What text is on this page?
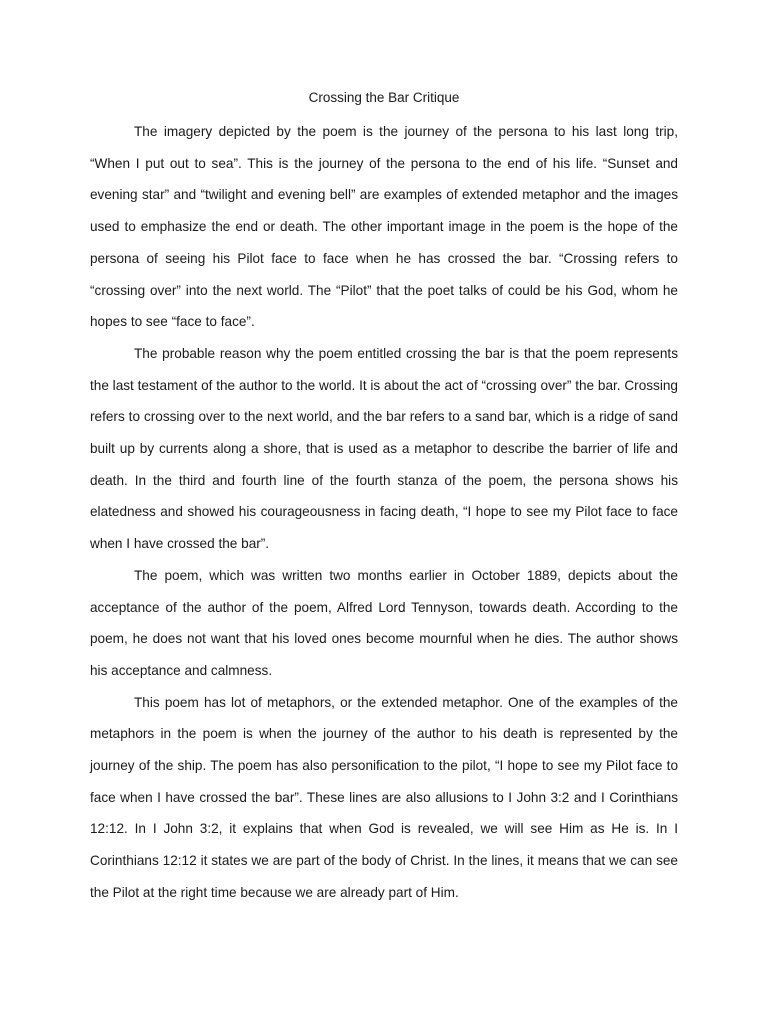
Crossing the Bar Critique

The imagery depicted by the poem is the journey of the persona to his last long trip, “When I put out to sea”. This is the journey of the persona to the end of his life. “Sunset and evening star” and “twilight and evening bell” are examples of extended metaphor and the images used to emphasize the end or death. The other important image in the poem is the hope of the persona of seeing his Pilot face to face when he has crossed the bar. “Crossing refers to “crossing over” into the next world. The “Pilot” that the poet talks of could be his God, whom he hopes to see “face to face”.

The probable reason why the poem entitled crossing the bar is that the poem represents the last testament of the author to the world. It is about the act of “crossing over” the bar. Crossing refers to crossing over to the next world, and the bar refers to a sand bar, which is a ridge of sand built up by currents along a shore, that is used as a metaphor to describe the barrier of life and death. In the third and fourth line of the fourth stanza of the poem, the persona shows his elatedness and showed his courageousness in facing death, “I hope to see my Pilot face to face when I have crossed the bar”.

The poem, which was written two months earlier in October 1889, depicts about the acceptance of the author of the poem, Alfred Lord Tennyson, towards death. According to the poem, he does not want that his loved ones become mournful when he dies. The author shows his acceptance and calmness.

This poem has lot of metaphors, or the extended metaphor. One of the examples of the metaphors in the poem is when the journey of the author to his death is represented by the journey of the ship. The poem has also personification to the pilot, “I hope to see my Pilot face to face when I have crossed the bar”. These lines are also allusions to I John 3:2 and I Corinthians 12:12. In I John 3:2, it explains that when God is revealed, we will see Him as He is. In I Corinthians 12:12 it states we are part of the body of Christ. In the lines, it means that we can see the Pilot at the right time because we are already part of Him.
